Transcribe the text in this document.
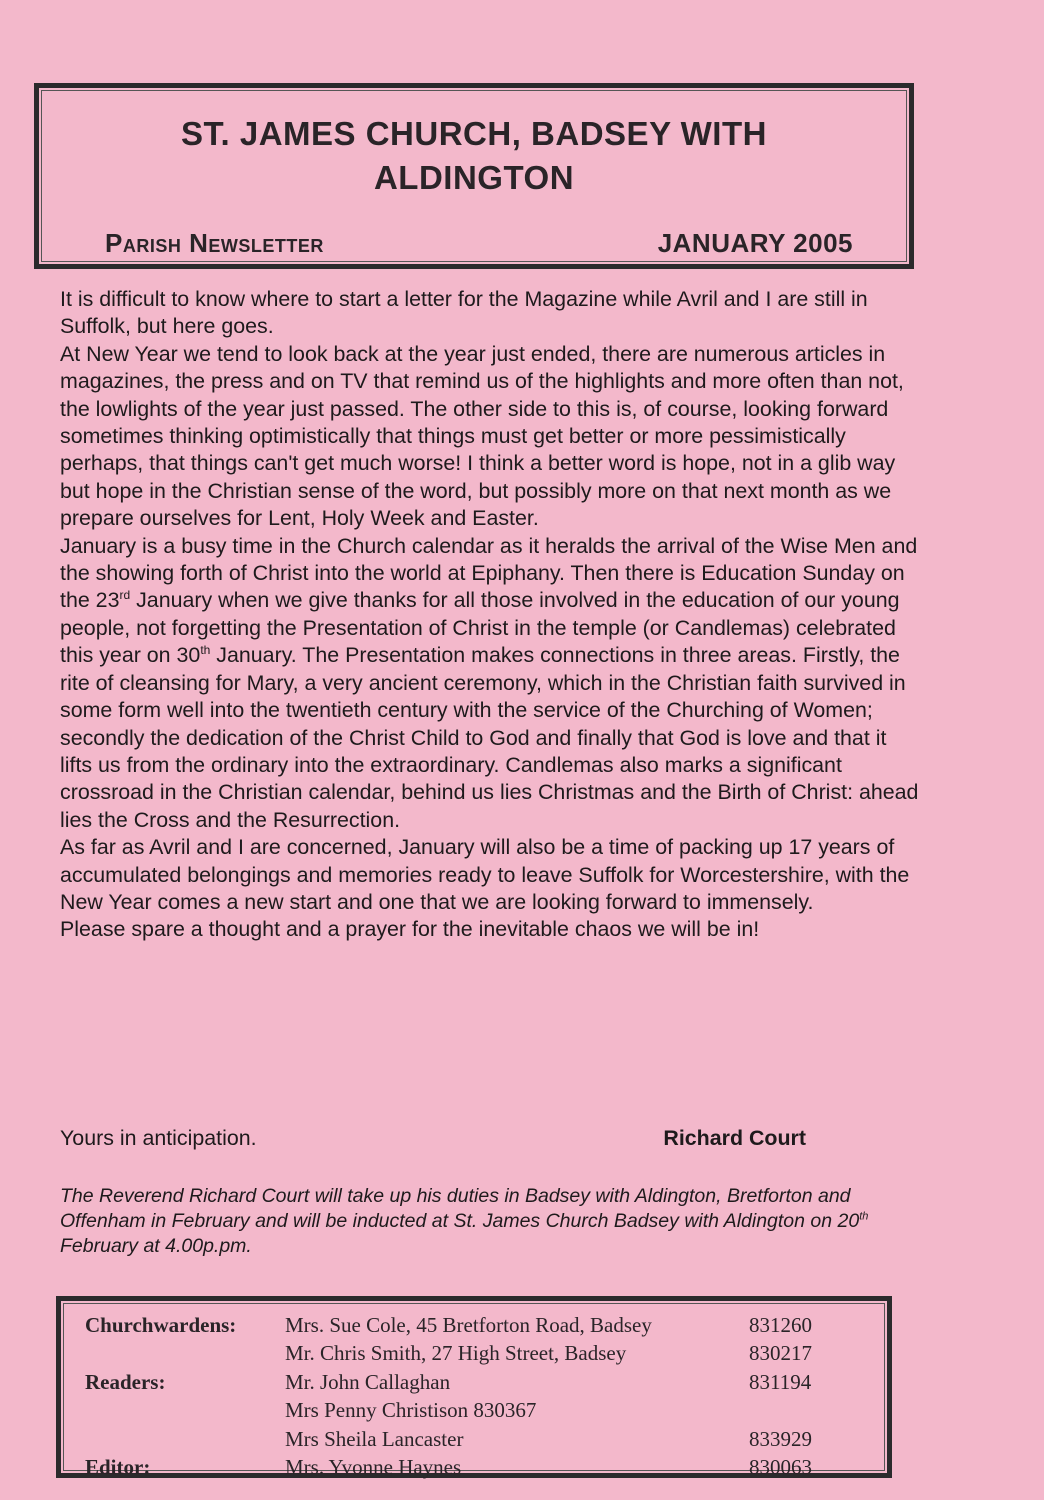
ST. JAMES CHURCH, BADSEY WITH
ALDINGTON
Parish Newsletter	JANUARY 2005

It is difficult to know where to start a letter for the Magazine while Avril and I are still in Suffolk, but here goes.

At New Year we tend to look back at the year just ended, there are numerous articles in magazines, the press and on TV that remind us of the highlights and more often than not, the lowlights of the year just passed. The other side to this is, of course, looking forward sometimes thinking optimistically that things must get better or more pessimistically perhaps, that things can't get much worse! I think a better word is hope, not in a glib way but hope in the Christian sense of the word, but possibly more on that next month as we prepare ourselves for Lent, Holy Week and Easter.

January is a busy time in the Church calendar as it heralds the arrival of the Wise Men and the showing forth of Christ into the world at Epiphany. Then there is Education Sunday on the 23rd January when we give thanks for all those involved in the education of our young people, not forgetting the Presentation of Christ in the temple (or Candlemas) celebrated this year on 30th January. The Presentation makes connections in three areas. Firstly, the rite of cleansing for Mary, a very ancient ceremony, which in the Christian faith survived in some form well into the twentieth century with the service of the Churching of Women; secondly the dedication of the Christ Child to God and finally that God is love and that it lifts us from the ordinary into the extraordinary. Candlemas also marks a significant crossroad in the Christian calendar, behind us lies Christmas and the Birth of Christ: ahead lies the Cross and the Resurrection.

As far as Avril and I are concerned, January will also be a time of packing up 17 years of accumulated belongings and memories ready to leave Suffolk for Worcestershire, with the New Year comes a new start and one that we are looking forward to immensely.

Please spare a thought and a prayer for the inevitable chaos we will be in!

Yours in anticipation.	Richard Court
The Reverend Richard Court will take up his duties in Badsey with Aldington, Bretforton and Offenham in February and will be inducted at St. James Church Badsey with Aldington on 20th February at 4.00p.pm.
Churchwardens:	Mrs. Sue Cole, 45 Bretforton Road, Badsey	831260
	Mr. Chris Smith, 27 High Street, Badsey	830217
Readers:	Mr. John Callaghan	831194
	Mrs Penny Christison 830367	
	Mrs Sheila Lancaster	833929
Editor:	Mrs. Yvonne Haynes	830063
